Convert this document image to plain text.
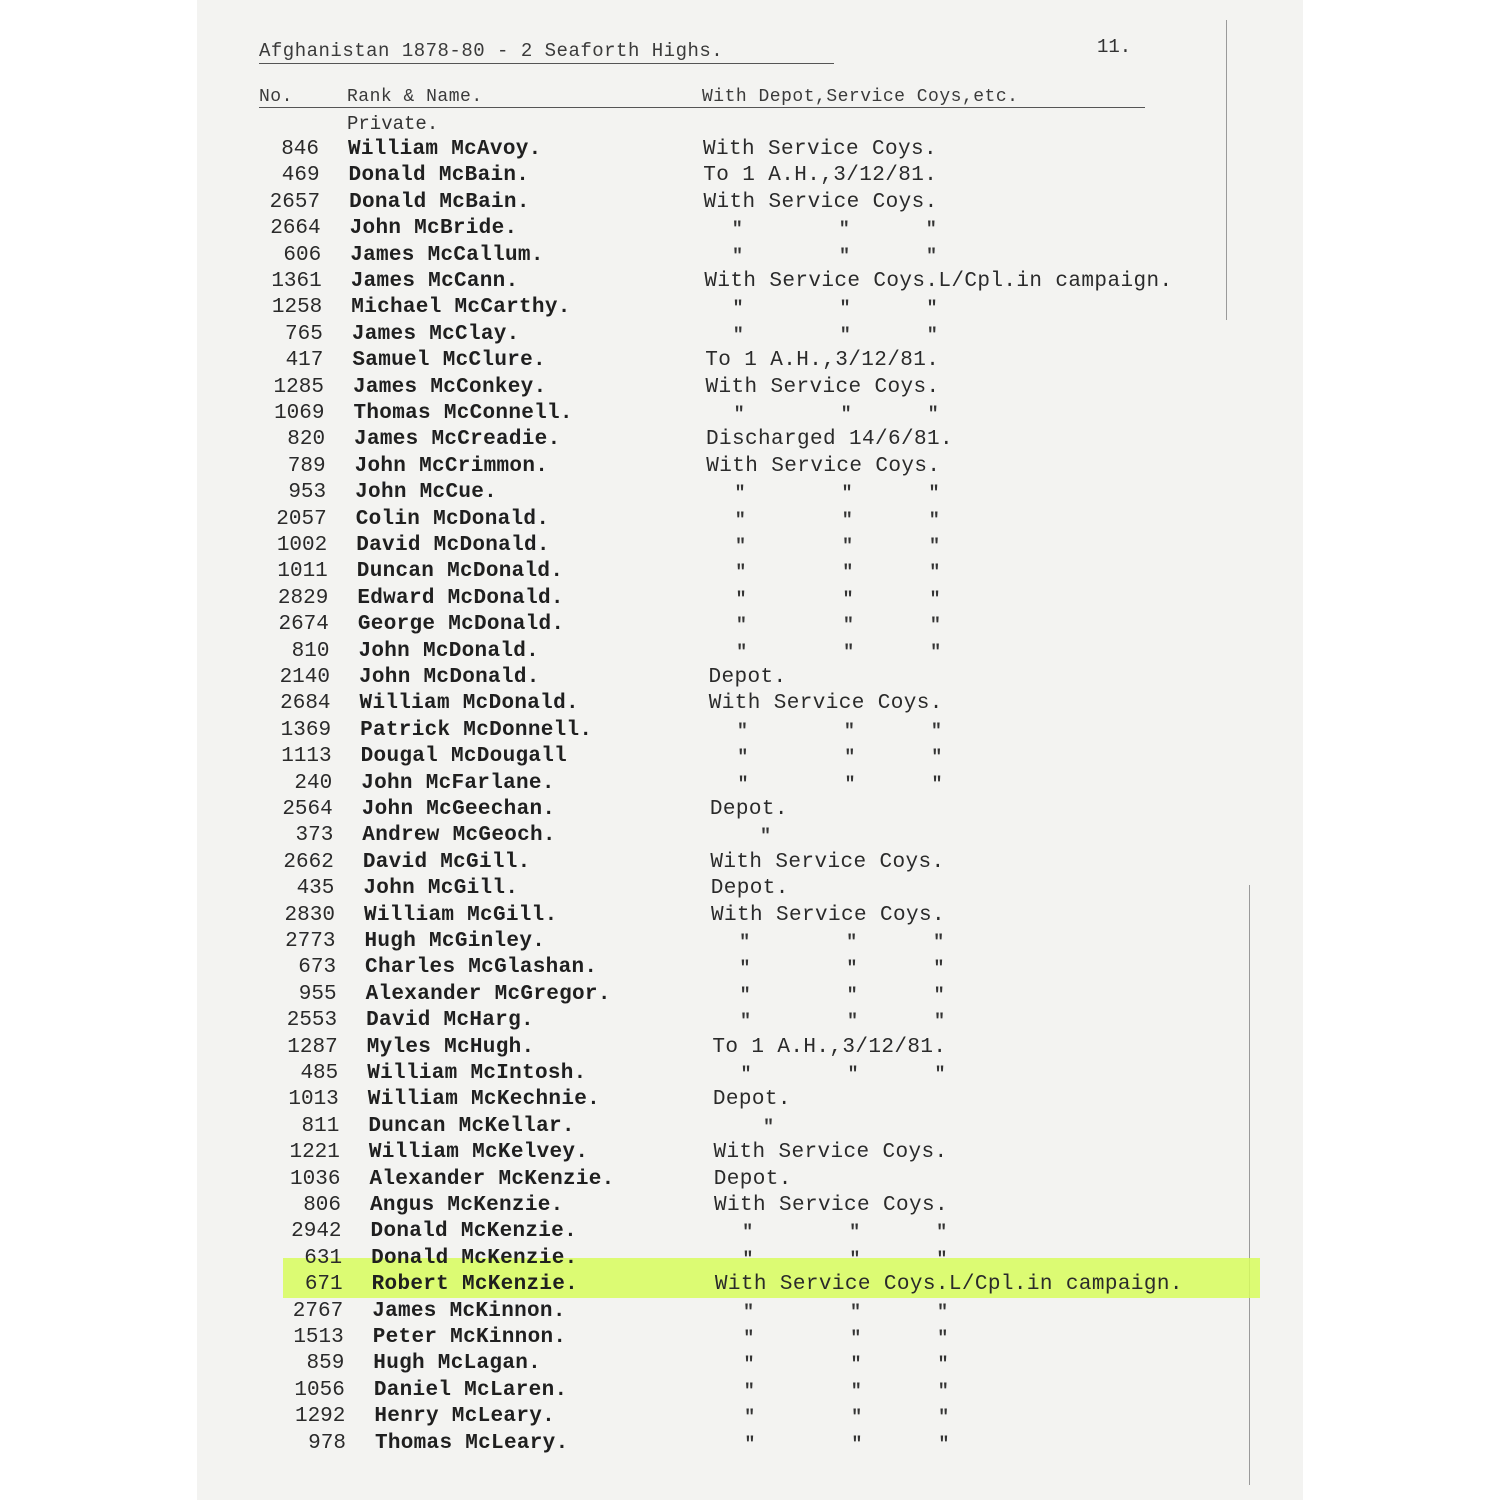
Afghanistan 1878-80 - 2 Seaforth Highs.	11.
No.	Rank & Name.	With Depot,Service Coys,etc.
Private.
846 William McAvoy.	With Service Coys.
469 Donald McBain.	To 1 A.H.,3/12/81.
2657 Donald McBain.	With Service Coys.
2664 John McBride.	"	"	"
606 James McCallum.	"	"	"
1361 James McCann.	With Service Coys.L/Cpl.in campaign.
1258 Michael McCarthy.	"	"	"
765 James McClay.	"	"	"
417 Samuel McClure.	To 1 A.H.,3/12/81.
1285 James McConkey.	With Service Coys.
1069 Thomas McConnell.	"	"	"
820 James McCreadie.	Discharged 14/6/81.
789 John McCrimmon.	With Service Coys.
953 John McCue.	"	"	"
2057 Colin McDonald.	"	"	"
1002 David McDonald.	"	"	"
1011 Duncan McDonald.	"	"	"
2829 Edward McDonald.	"	"	"
2674 George McDonald.	"	"	"
810 John McDonald.	"	"	"
2140 John McDonald.	Depot.
2684 William McDonald.	With Service Coys.
1369 Patrick McDonnell.	"	"	"
1113 Dougal McDougall	"	"	"
240 John McFarlane.	"	"	"
2564 John McGeechan.	Depot.
373 Andrew McGeoch.	"
2662 David McGill.	With Service Coys.
435 John McGill.	Depot.
2830 William McGill.	With Service Coys.
2773 Hugh McGinley.	"	"	"
673 Charles McGlashan.	"	"	"
955 Alexander McGregor.	"	"	"
2553 David McHarg.	"	"	"
1287 Myles McHugh.	To 1 A.H.,3/12/81.
485 William McIntosh.	"	"	"
1013 William McKechnie.	Depot.
811 Duncan McKellar.	"
1221 William McKelvey.	With Service Coys.
1036 Alexander McKenzie.	Depot.
806 Angus McKenzie.	With Service Coys.
2942 Donald McKenzie.	"	"	"
631 Donald McKenzie.	"	"	"
671 Robert McKenzie.	With Service Coys.L/Cpl.in campaign.
2767 James McKinnon.	"	"	"
1513 Peter McKinnon.	"	"	"
859 Hugh McLagan.	"	"	"
1056 Daniel McLaren.	"	"	"
1292 Henry McLeary.	"	"	"
978 Thomas McLeary.	"	"	"
